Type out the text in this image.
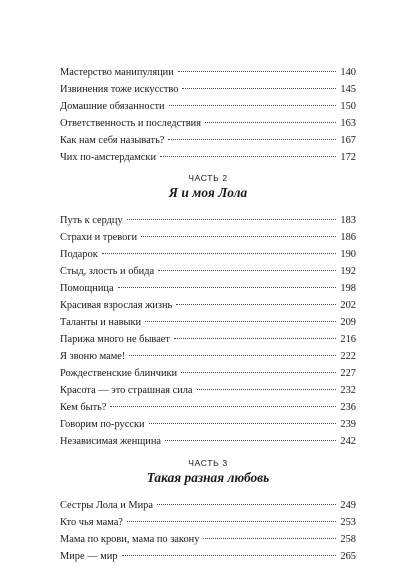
Мастерство манипуляции	140
Извинения тоже искусство	145
Домашние обязанности	150
Ответственность и последствия	163
Как нам себя называть?	167
Чих по-амстердамски	172
ЧАСТЬ 2
Я и моя Лола
Путь к сердцу	183
Страхи и тревоги	186
Подарок	190
Стыд, злость и обида	192
Помощница	198
Красивая взрослая жизнь	202
Таланты и навыки	209
Парижа много не бывает	216
Я звоню маме!	222
Рождественские блинчики	227
Красота — это страшная сила	232
Кем быть?	236
Говорим по-русски	239
Независимая женщина	242
ЧАСТЬ 3
Такая разная любовь
Сестры Лола и Мира	249
Кто чья мама?	253
Мама по крови, мама по закону	258
Мире — мир	265
